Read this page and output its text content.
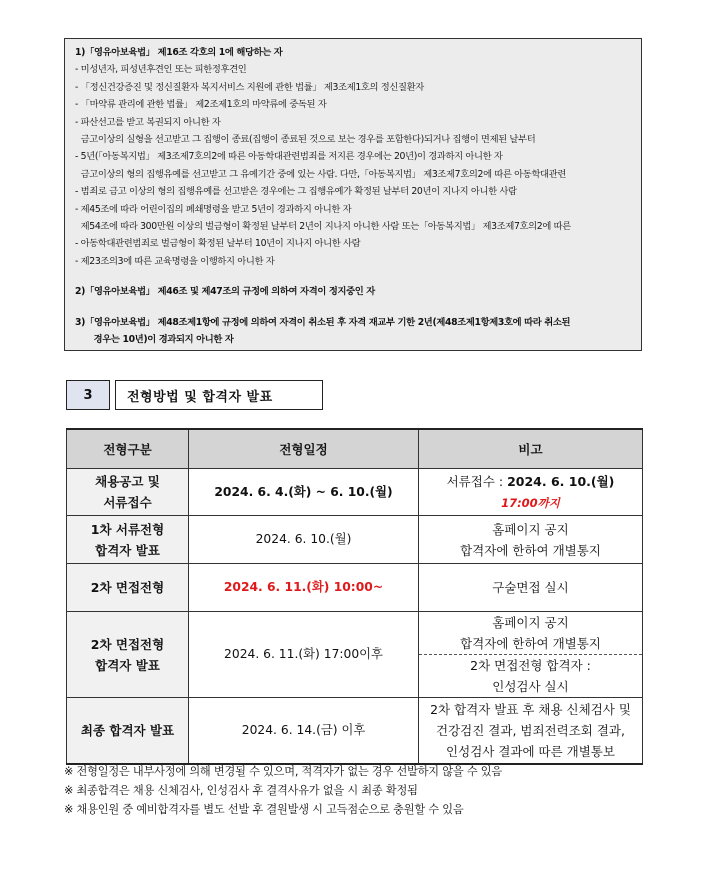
1)「영유아보육법」 제16조 각호의 1에 해당하는 자
- 미성년자, 피성년후견인 또는 피한정후견인
- 「정신건강증진 및 정신질환자 복지서비스 지원에 관한 법률」 제3조제1호의 정신질환자
- 「마약류 관리에 관한 법률」 제2조제1호의 마약류에 중독된 자
- 파산선고를 받고 복권되지 아니한 자
- 금고이상의 실형을 선고받고 그 집행이 종료(집행이 종료된 것으로 보는 경우를 포함한다)되거나 집행이 면제된 날부터
5년(「아동복지법」 제3조제7호의2에 따른 아동학대관련범죄를 저지른 경우에는 20년)이 경과하지 아니한 자
- 금고이상의 형의 집행유예를 선고받고 그 유예기간 중에 있는 사람. 다만,「아동복지법」 제3조제7호의2에 따른 아동학대관련
범죄로 금고 이상의 형의 집행유예를 선고받은 경우에는 그 집행유예가 확정된 날부터 20년이 지나지 아니한 사람
- 제45조에 따라 어린이집의 폐쇄명령을 받고 5년이 경과하지 아니한 자
- 제54조에 따라 300만원 이상의 벌금형이 확정된 날부터 2년이 지나지 아니한 사람 또는「아동복지법」 제3조제7호의2에 따른
아동학대관련범죄로 벌금형이 확정된 날부터 10년이 지나지 아니한 사람
- 제23조의3에 따른 교육명령을 이행하지 아니한 자
2)「영유아보육법」 제46조 및 제47조의 규정에 의하여 자격이 정지중인 자
3)「영유아보육법」 제48조제1항에 규정에 의하여 자격이 취소된 후 자격 재교부 기한 2년(제48조제1항제3호에 따라 취소된
경우는 10년)이 경과되지 아니한 자
3	전형방법 및 합격자 발표
전형구분	전형일정	비고
채용공고 및
서류접수	2024. 6. 4.(화) ~ 6. 10.(월)	서류접수 : 2024. 6. 10.(월)
17:00까지
1차 서류전형
합격자 발표	2024. 6. 10.(월)	홈페이지 공지
합격자에 한하여 개별통지
2차 면접전형	2024. 6. 11.(화) 10:00~	구술면접 실시
2차 면접전형
합격자 발표	2024. 6. 11.(화) 17:00이후	홈페이지 공지
합격자에 한하여 개별통지
		2차 면접전형 합격자 :
인성검사 실시
최종 합격자 발표	2024. 6. 14.(금) 이후	2차 합격자 발표 후 채용 신체검사 및
건강검진 결과, 범죄전력조회 결과,
인성검사 결과에 따른 개별통보
※ 전형일정은 내부사정에 의해 변경될 수 있으며, 적격자가 없는 경우 선발하지 않을 수 있음
※ 최종합격은 채용 신체검사, 인성검사 후 결격사유가 없을 시 최종 확정됨
※ 채용인원 중 예비합격자를 별도 선발 후 결원발생 시 고득점순으로 충원할 수 있음
